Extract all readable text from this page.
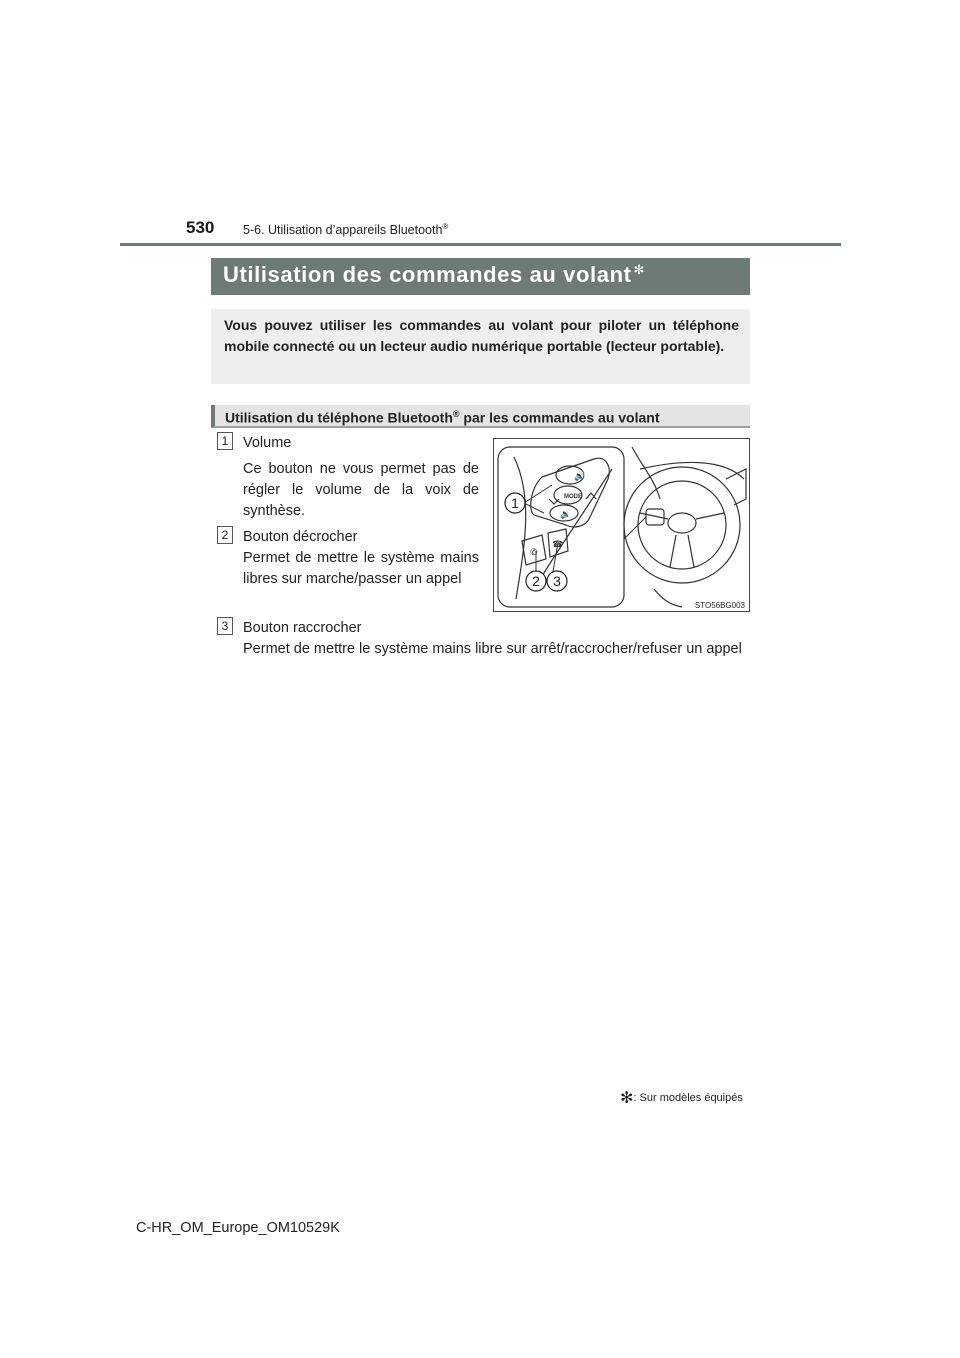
530 5-6. Utilisation d’appareils Bluetooth®
Utilisation des commandes au volant ✻
Vous pouvez utiliser les commandes au volant pour piloter un téléphone mobile connecté ou un lecteur audio numérique portable (lecteur portable).
Utilisation du téléphone Bluetooth® par les commandes au volant
1	Volume
Ce bouton ne vous permet pas de régler le volume de la voix de synthèse.
2	Bouton décrocher
Permet de mettre le système mains libres sur marche/passer un appel
3	Bouton raccrocher
Permet de mettre le système mains libre sur arrêt/raccrocher/refuser un appel
MODE
🔊
🔉
✆
☎
1
2 3
STO56BG003
✻: Sur modèles équipés
C-HR_OM_Europe_OM10529K
